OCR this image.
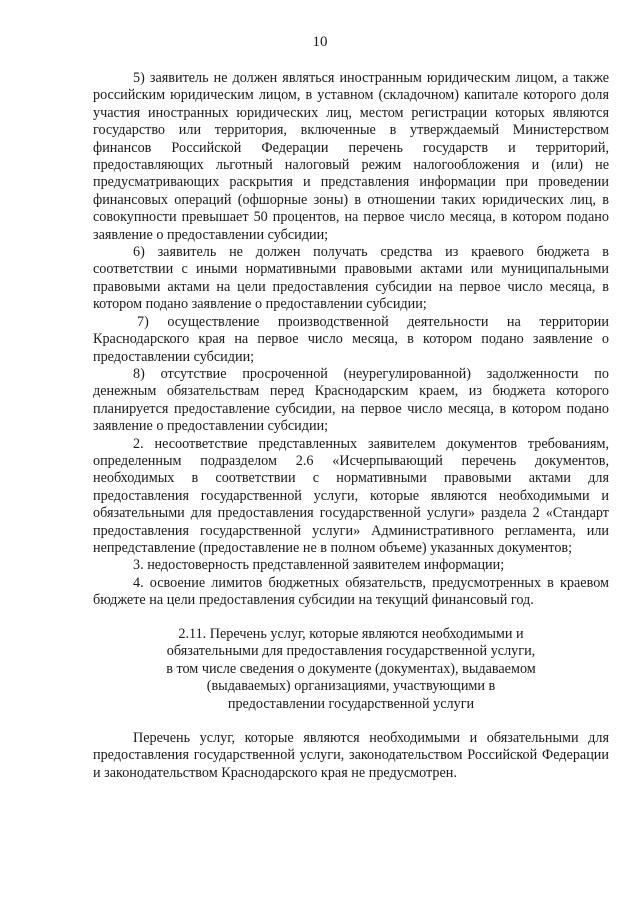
10

5) заявитель не должен являться иностранным юридическим лицом, а также российским юридическим лицом, в уставном (складочном) капитале которого доля участия иностранных юридических лиц, местом регистрации которых являются государство или территория, включенные в утверждаемый Министерством финансов Российской Федерации перечень государств и территорий, предоставляющих льготный налоговый режим налогообложения и (или) не предусматривающих раскрытия и представления информации при проведении финансовых операций (офшорные зоны) в отношении таких юридических лиц, в совокупности превышает 50 процентов, на первое число месяца, в котором подано заявление о предоставлении субсидии;

6) заявитель не должен получать средства из краевого бюджета в соответствии с иными нормативными правовыми актами или муниципальными правовыми актами на цели предоставления субсидии на первое число месяца, в котором подано заявление о предоставлении субсидии;

7) осуществление производственной деятельности на территории Краснодарского края на первое число месяца, в котором подано заявление о предоставлении субсидии;

8) отсутствие просроченной (неурегулированной) задолженности по денежным обязательствам перед Краснодарским краем, из бюджета которого планируется предоставление субсидии, на первое число месяца, в котором подано заявление о предоставлении субсидии;

2. несоответствие представленных заявителем документов требованиям, определенным подразделом 2.6 «Исчерпывающий перечень документов, необходимых в соответствии с нормативными правовыми актами для предоставления государственной услуги, которые являются необходимыми и обязательными для предоставления государственной услуги» раздела 2 «Стандарт предоставления государственной услуги» Административного регламента, или непредставление (предоставление не в полном объеме) указанных документов;

3. недостоверность представленной заявителем информации;

4. освоение лимитов бюджетных обязательств, предусмотренных в краевом бюджете на цели предоставления субсидии на текущий финансовый год.

2.11. Перечень услуг, которые являются необходимыми и
обязательными для предоставления государственной услуги,
в том числе сведения о документе (документах), выдаваемом
(выдаваемых) организациями, участвующими в
предоставлении государственной услуги

Перечень услуг, которые являются необходимыми и обязательными для предоставления государственной услуги, законодательством Российской Федерации и законодательством Краснодарского края не предусмотрен.
